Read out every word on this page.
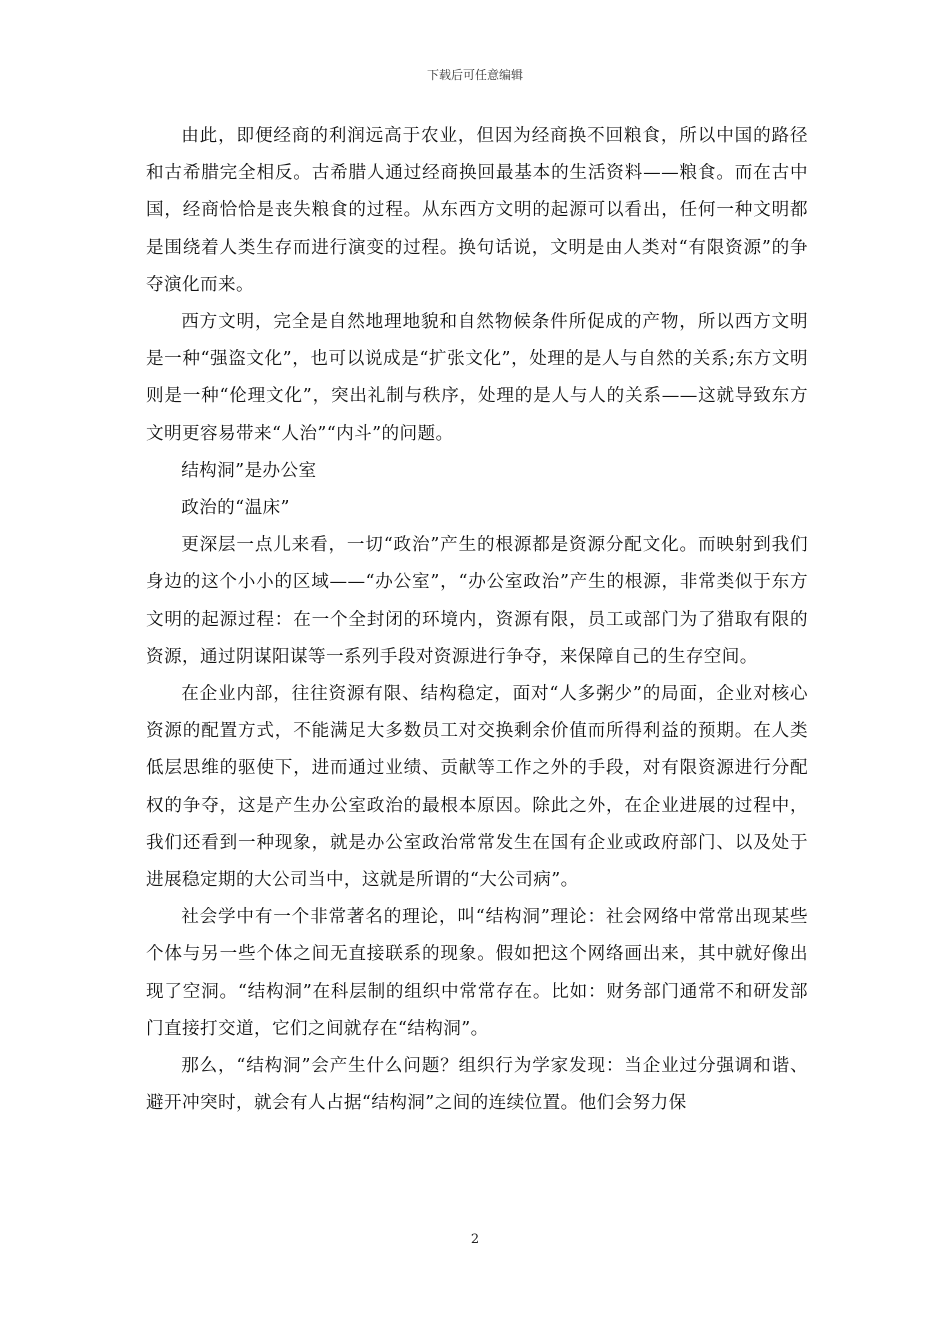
下载后可任意编辑

由此，即便经商的利润远高于农业，但因为经商换不回粮食，所以中国的路径和古希腊完全相反。古希腊人通过经商换回最基本的生活资料——粮食。而在古中国，经商恰恰是丧失粮食的过程。从东西方文明的起源可以看出，任何一种文明都是围绕着人类生存而进行演变的过程。换句话说，文明是由人类对“有限资源”的争夺演化而来。

西方文明，完全是自然地理地貌和自然物候条件所促成的产物，所以西方文明是一种“强盗文化”，也可以说成是“扩张文化”，处理的是人与自然的关系;东方文明则是一种“伦理文化”，突出礼制与秩序，处理的是人与人的关系——这就导致东方文明更容易带来“人治”“内斗”的问题。

结构洞”是办公室

政治的“温床”

更深层一点儿来看，一切“政治”产生的根源都是资源分配文化。而映射到我们身边的这个小小的区域——“办公室”，“办公室政治”产生的根源，非常类似于东方文明的起源过程：在一个全封闭的环境内，资源有限，员工或部门为了猎取有限的资源，通过阴谋阳谋等一系列手段对资源进行争夺，来保障自己的生存空间。

在企业内部，往往资源有限、结构稳定，面对“人多粥少”的局面，企业对核心资源的配置方式，不能满足大多数员工对交换剩余价值而所得利益的预期。在人类低层思维的驱使下，进而通过业绩、贡献等工作之外的手段，对有限资源进行分配权的争夺，这是产生办公室政治的最根本原因。除此之外，在企业进展的过程中，我们还看到一种现象，就是办公室政治常常发生在国有企业或政府部门、以及处于进展稳定期的大公司当中，这就是所谓的“大公司病”。

社会学中有一个非常著名的理论，叫“结构洞”理论：社会网络中常常出现某些个体与另一些个体之间无直接联系的现象。假如把这个网络画出来，其中就好像出现了空洞。“结构洞”在科层制的组织中常常存在。比如：财务部门通常不和研发部门直接打交道，它们之间就存在“结构洞”。

那么，“结构洞”会产生什么问题？组织行为学家发现：当企业过分强调和谐、避开冲突时，就会有人占据“结构洞”之间的连续位置。他们会努力保

2
